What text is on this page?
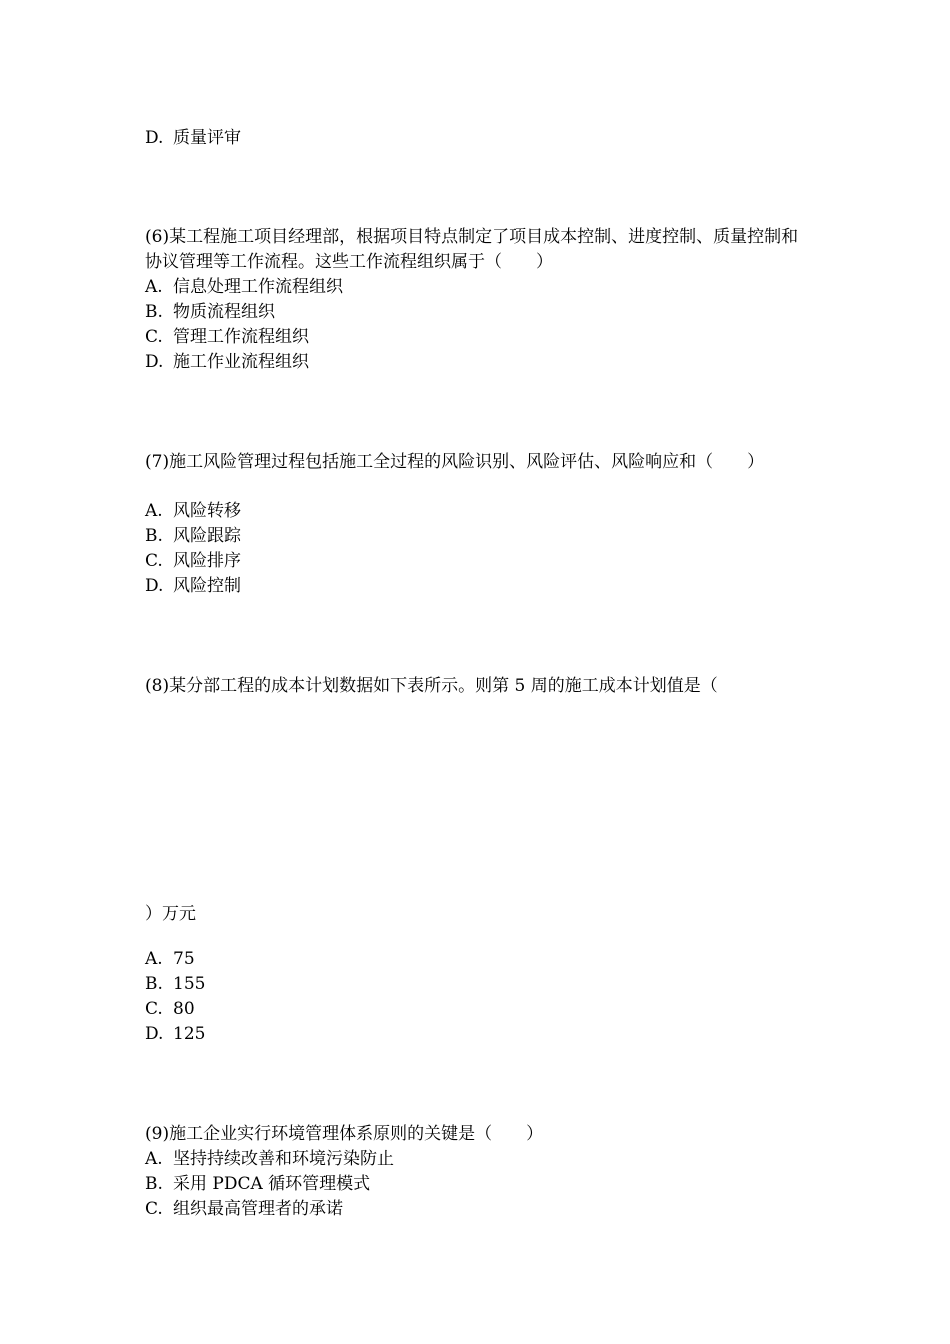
D. 质量评审
(6)某工程施工项目经理部，根据项目特点制定了项目成本控制、进度控制、质量控制和协议管理等工作流程。这些工作流程组织属于（　　）
A. 信息处理工作流程组织
B. 物质流程组织
C. 管理工作流程组织
D. 施工作业流程组织
(7)施工风险管理过程包括施工全过程的风险识别、风险评估、风险响应和（　　）
A. 风险转移
B. 风险跟踪
C. 风险排序
D. 风险控制
(8)某分部工程的成本计划数据如下表所示。则第 5 周的施工成本计划值是（
）万元
A. 75
B. 155
C. 80
D. 125
(9)施工企业实行环境管理体系原则的关键是（　　）
A. 坚持持续改善和环境污染防止
B. 采用 PDCA 循环管理模式
C. 组织最高管理者的承诺
